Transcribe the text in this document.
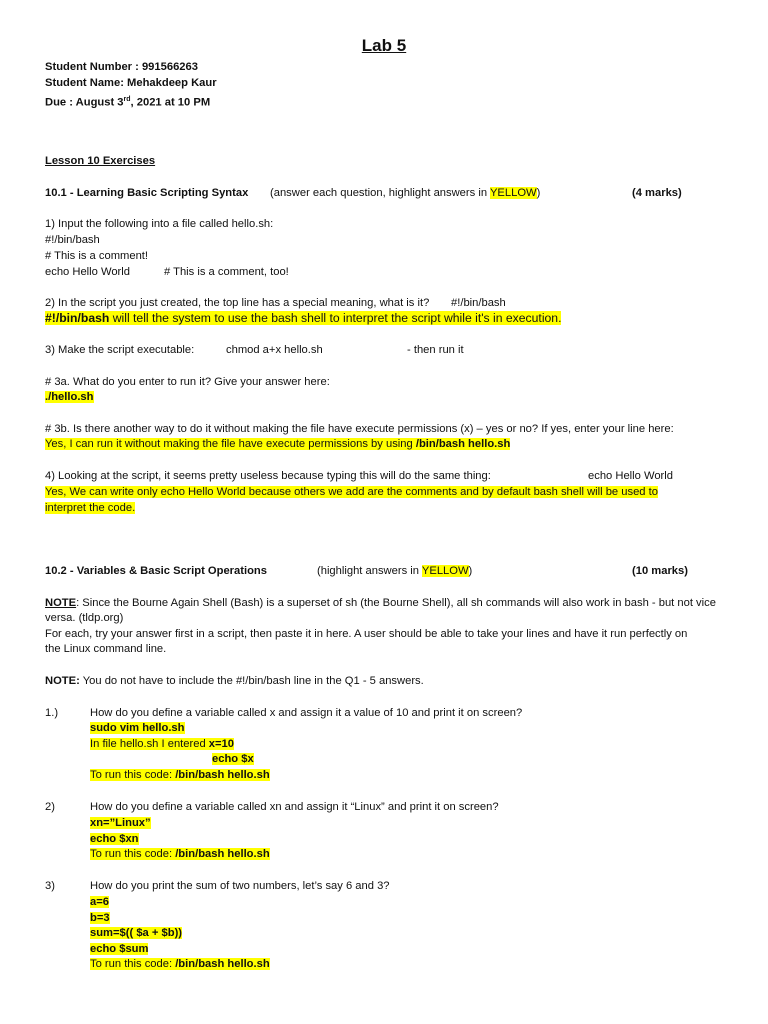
Lab 5
Student Number : 991566263
Student Name: Mehakdeep Kaur
Due : August 3rd, 2021 at 10 PM
Lesson 10 Exercises
10.1 - Learning Basic Scripting Syntax (answer each question, highlight answers in YELLOW)	(4 marks)
1) Input the following into a file called hello.sh:
#!/bin/bash
# This is a comment!
echo Hello World	# This is a comment, too!
2) In the script you just created, the top line has a special meaning, what is it? #!/bin/bash
#!/bin/bash will tell the system to use the bash shell to interpret the script while it's in execution.
3) Make the script executable:	chmod a+x hello.sh	- then run it
# 3a. What do you enter to run it? Give your answer here:
./hello.sh
# 3b. Is there another way to do it without making the file have execute permissions (x) – yes or no? If yes, enter your line here:
Yes, I can run it without making the file have execute permissions by using /bin/bash hello.sh
4) Looking at the script, it seems pretty useless because typing this will do the same thing:	echo Hello World
Yes, We can write only echo Hello World because others we add are the comments and by default bash shell will be used to
interpret the code.
10.2 - Variables & Basic Script Operations	(highlight answers in YELLOW)	(10 marks)
NOTE: Since the Bourne Again Shell (Bash) is a superset of sh (the Bourne Shell), all sh commands will also work in bash - but not vice
versa. (tldp.org)
For each, try your answer first in a script, then paste it in here. A user should be able to take your lines and have it run perfectly on
the Linux command line.
NOTE: You do not have to include the #!/bin/bash line in the Q1 - 5 answers.
1.)	How do you define a variable called x and assign it a value of 10 and print it on screen?
sudo vim hello.sh
In file hello.sh I entered x=10
echo $x
To run this code: /bin/bash hello.sh
2)	How do you define a variable called xn and assign it “Linux” and print it on screen?
xn=”Linux”
echo $xn
To run this code: /bin/bash hello.sh
3)	How do you print the sum of two numbers, let’s say 6 and 3?
a=6
b=3
sum=$(( $a + $b))
echo $sum
To run this code: /bin/bash hello.sh
